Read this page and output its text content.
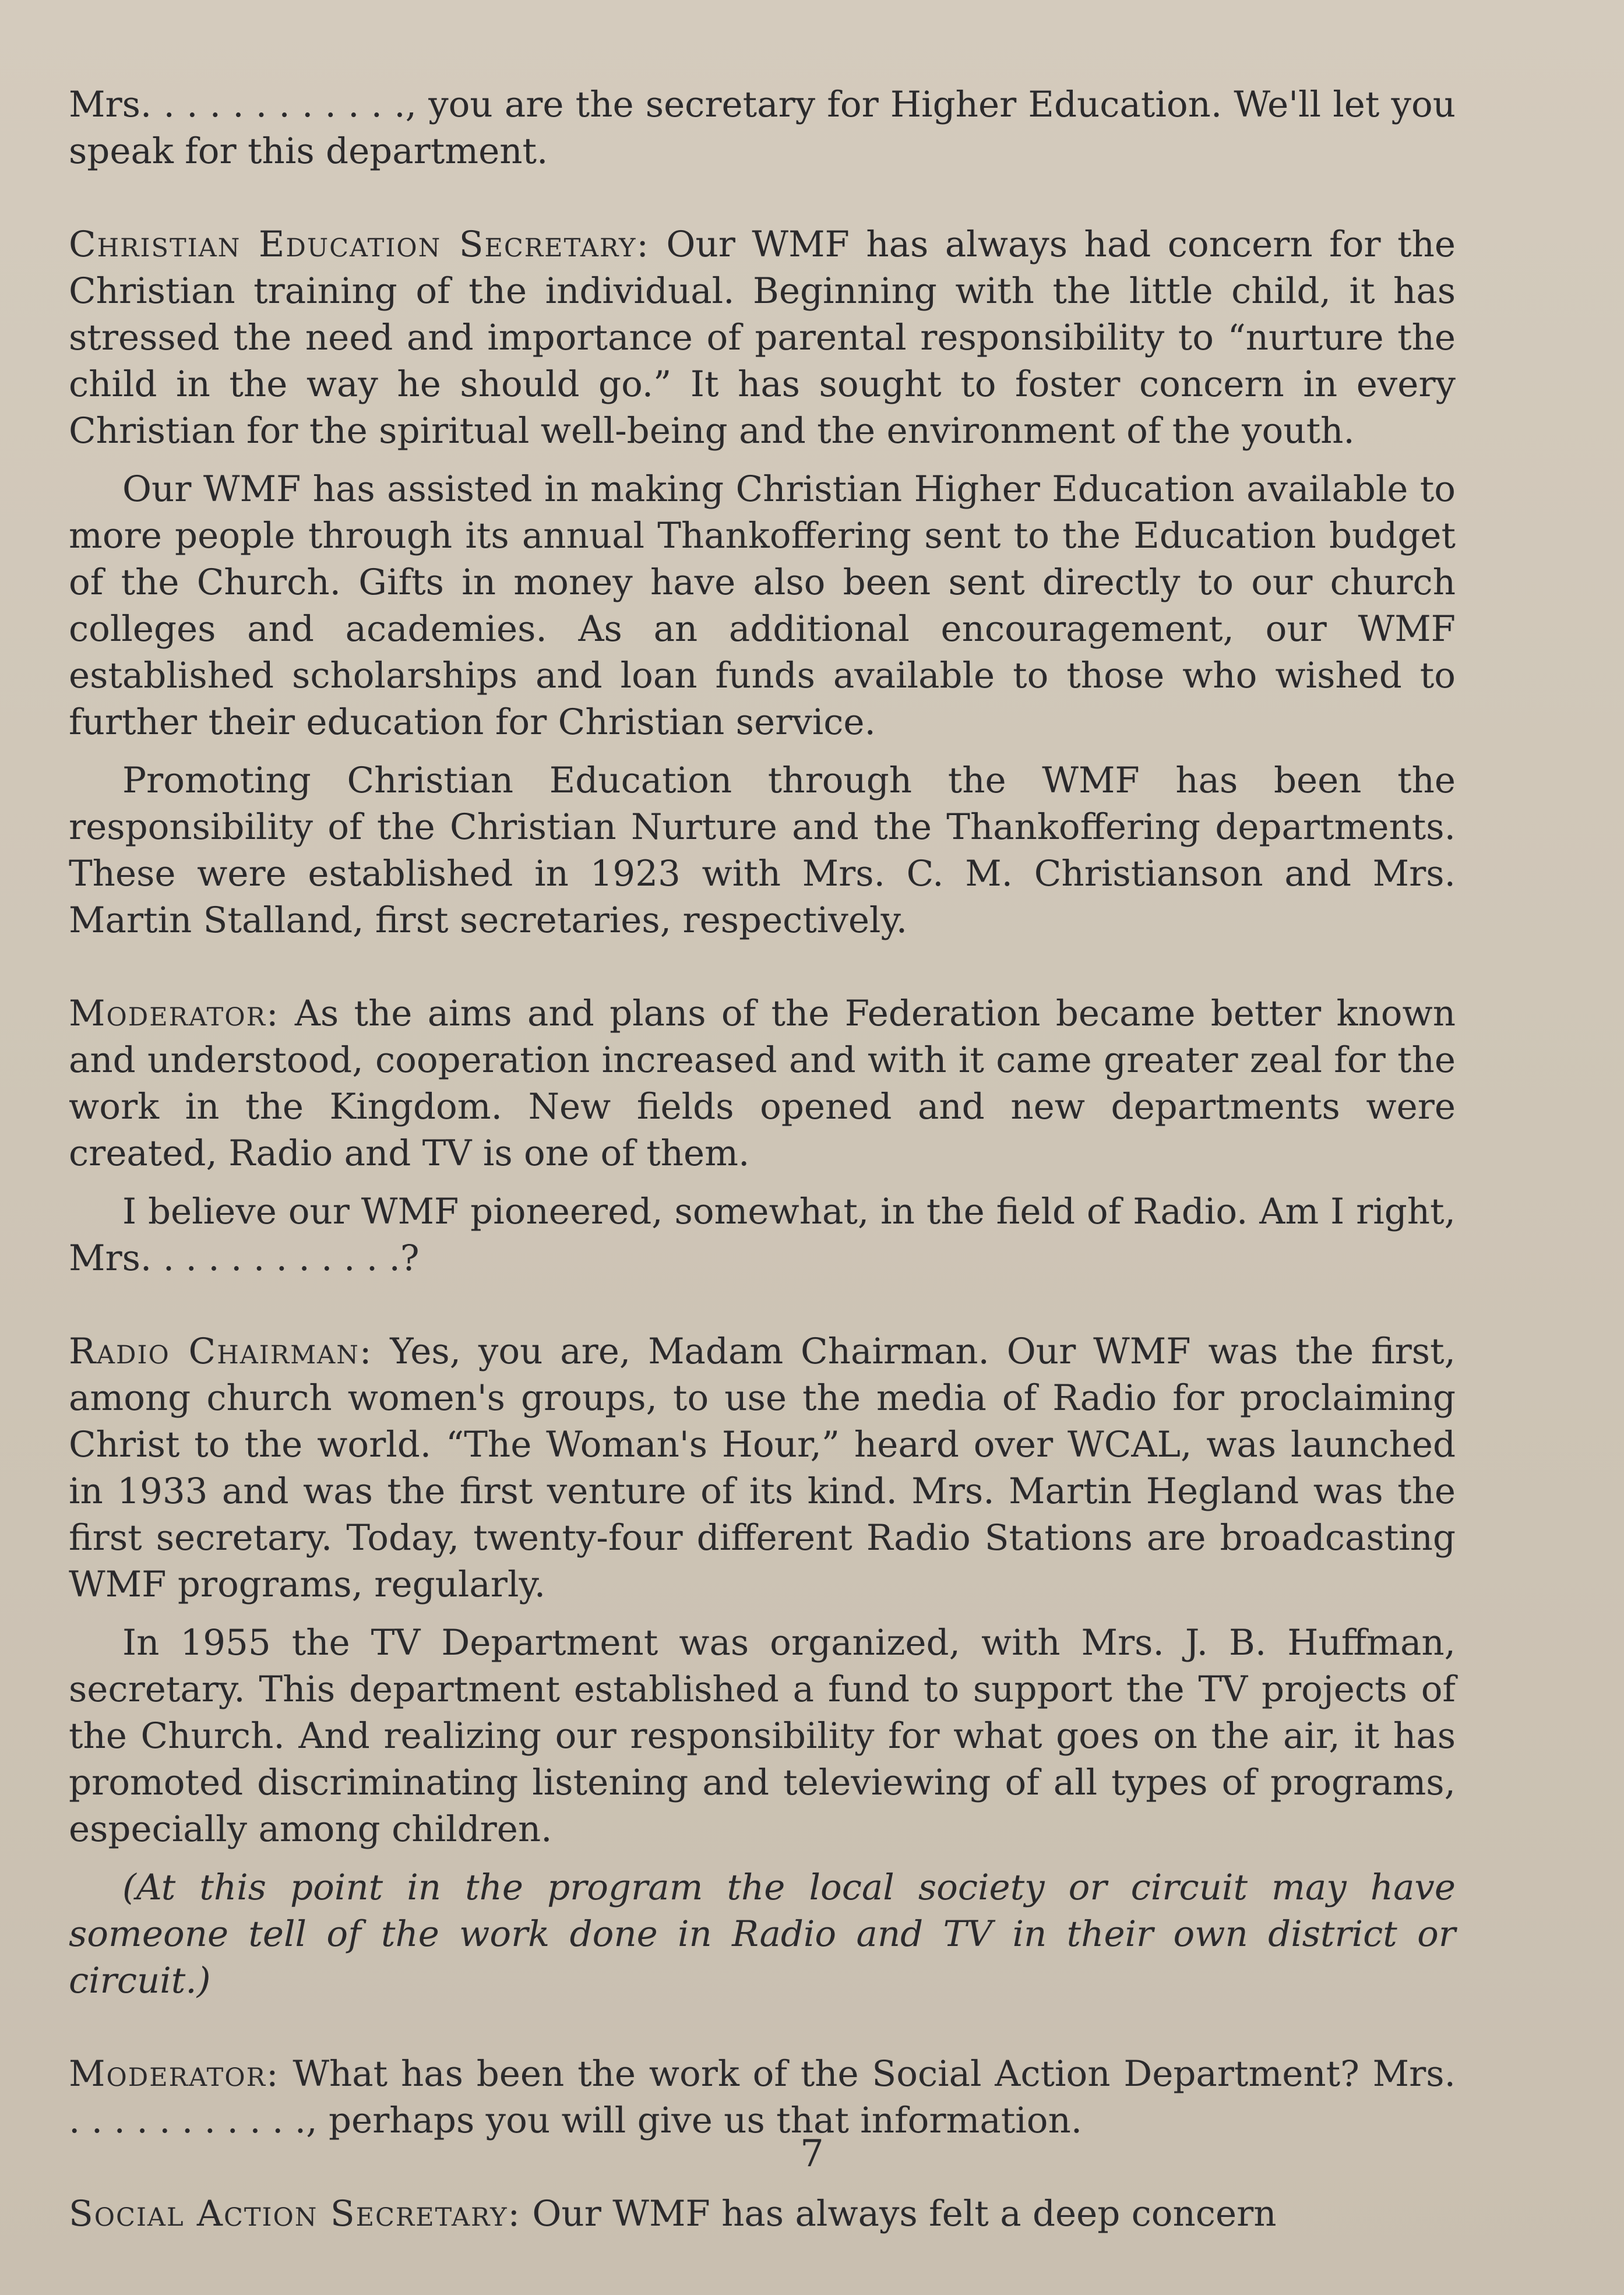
Mrs. . . . . . . . . . . ., you are the secretary for Higher Education. We'll let you speak for this department.

Christian Education Secretary: Our WMF has always had concern for the Christian training of the individual. Beginning with the little child, it has stressed the need and importance of parental responsibility to “nurture the child in the way he should go.” It has sought to foster concern in every Christian for the spiritual well-being and the environment of the youth.

Our WMF has assisted in making Christian Higher Education available to more people through its annual Thankoffering sent to the Education budget of the Church. Gifts in money have also been sent directly to our church colleges and academies. As an additional encouragement, our WMF established scholarships and loan funds available to those who wished to further their education for Christian service.

Promoting Christian Education through the WMF has been the responsibility of the Christian Nurture and the Thankoffering departments. These were established in 1923 with Mrs. C. M. Christianson and Mrs. Martin Stalland, first secretaries, respectively.

Moderator: As the aims and plans of the Federation became better known and understood, cooperation increased and with it came greater zeal for the work in the Kingdom. New fields opened and new departments were created, Radio and TV is one of them.

I believe our WMF pioneered, somewhat, in the field of Radio. Am I right, Mrs. . . . . . . . . . . .?

Radio Chairman: Yes, you are, Madam Chairman. Our WMF was the first, among church women's groups, to use the media of Radio for proclaiming Christ to the world. “The Woman's Hour,” heard over WCAL, was launched in 1933 and was the first venture of its kind. Mrs. Martin Hegland was the first secretary. Today, twenty-four different Radio Stations are broadcasting WMF programs, regularly.

In 1955 the TV Department was organized, with Mrs. J. B. Huffman, secretary. This department established a fund to support the TV projects of the Church. And realizing our responsibility for what goes on the air, it has promoted discriminating listening and televiewing of all types of programs, especially among children.

(At this point in the program the local society or circuit may have someone tell of the work done in Radio and TV in their own district or circuit.)

Moderator: What has been the work of the Social Action Department? Mrs. . . . . . . . . . . ., perhaps you will give us that information.

Social Action Secretary: Our WMF has always felt a deep concern

7
